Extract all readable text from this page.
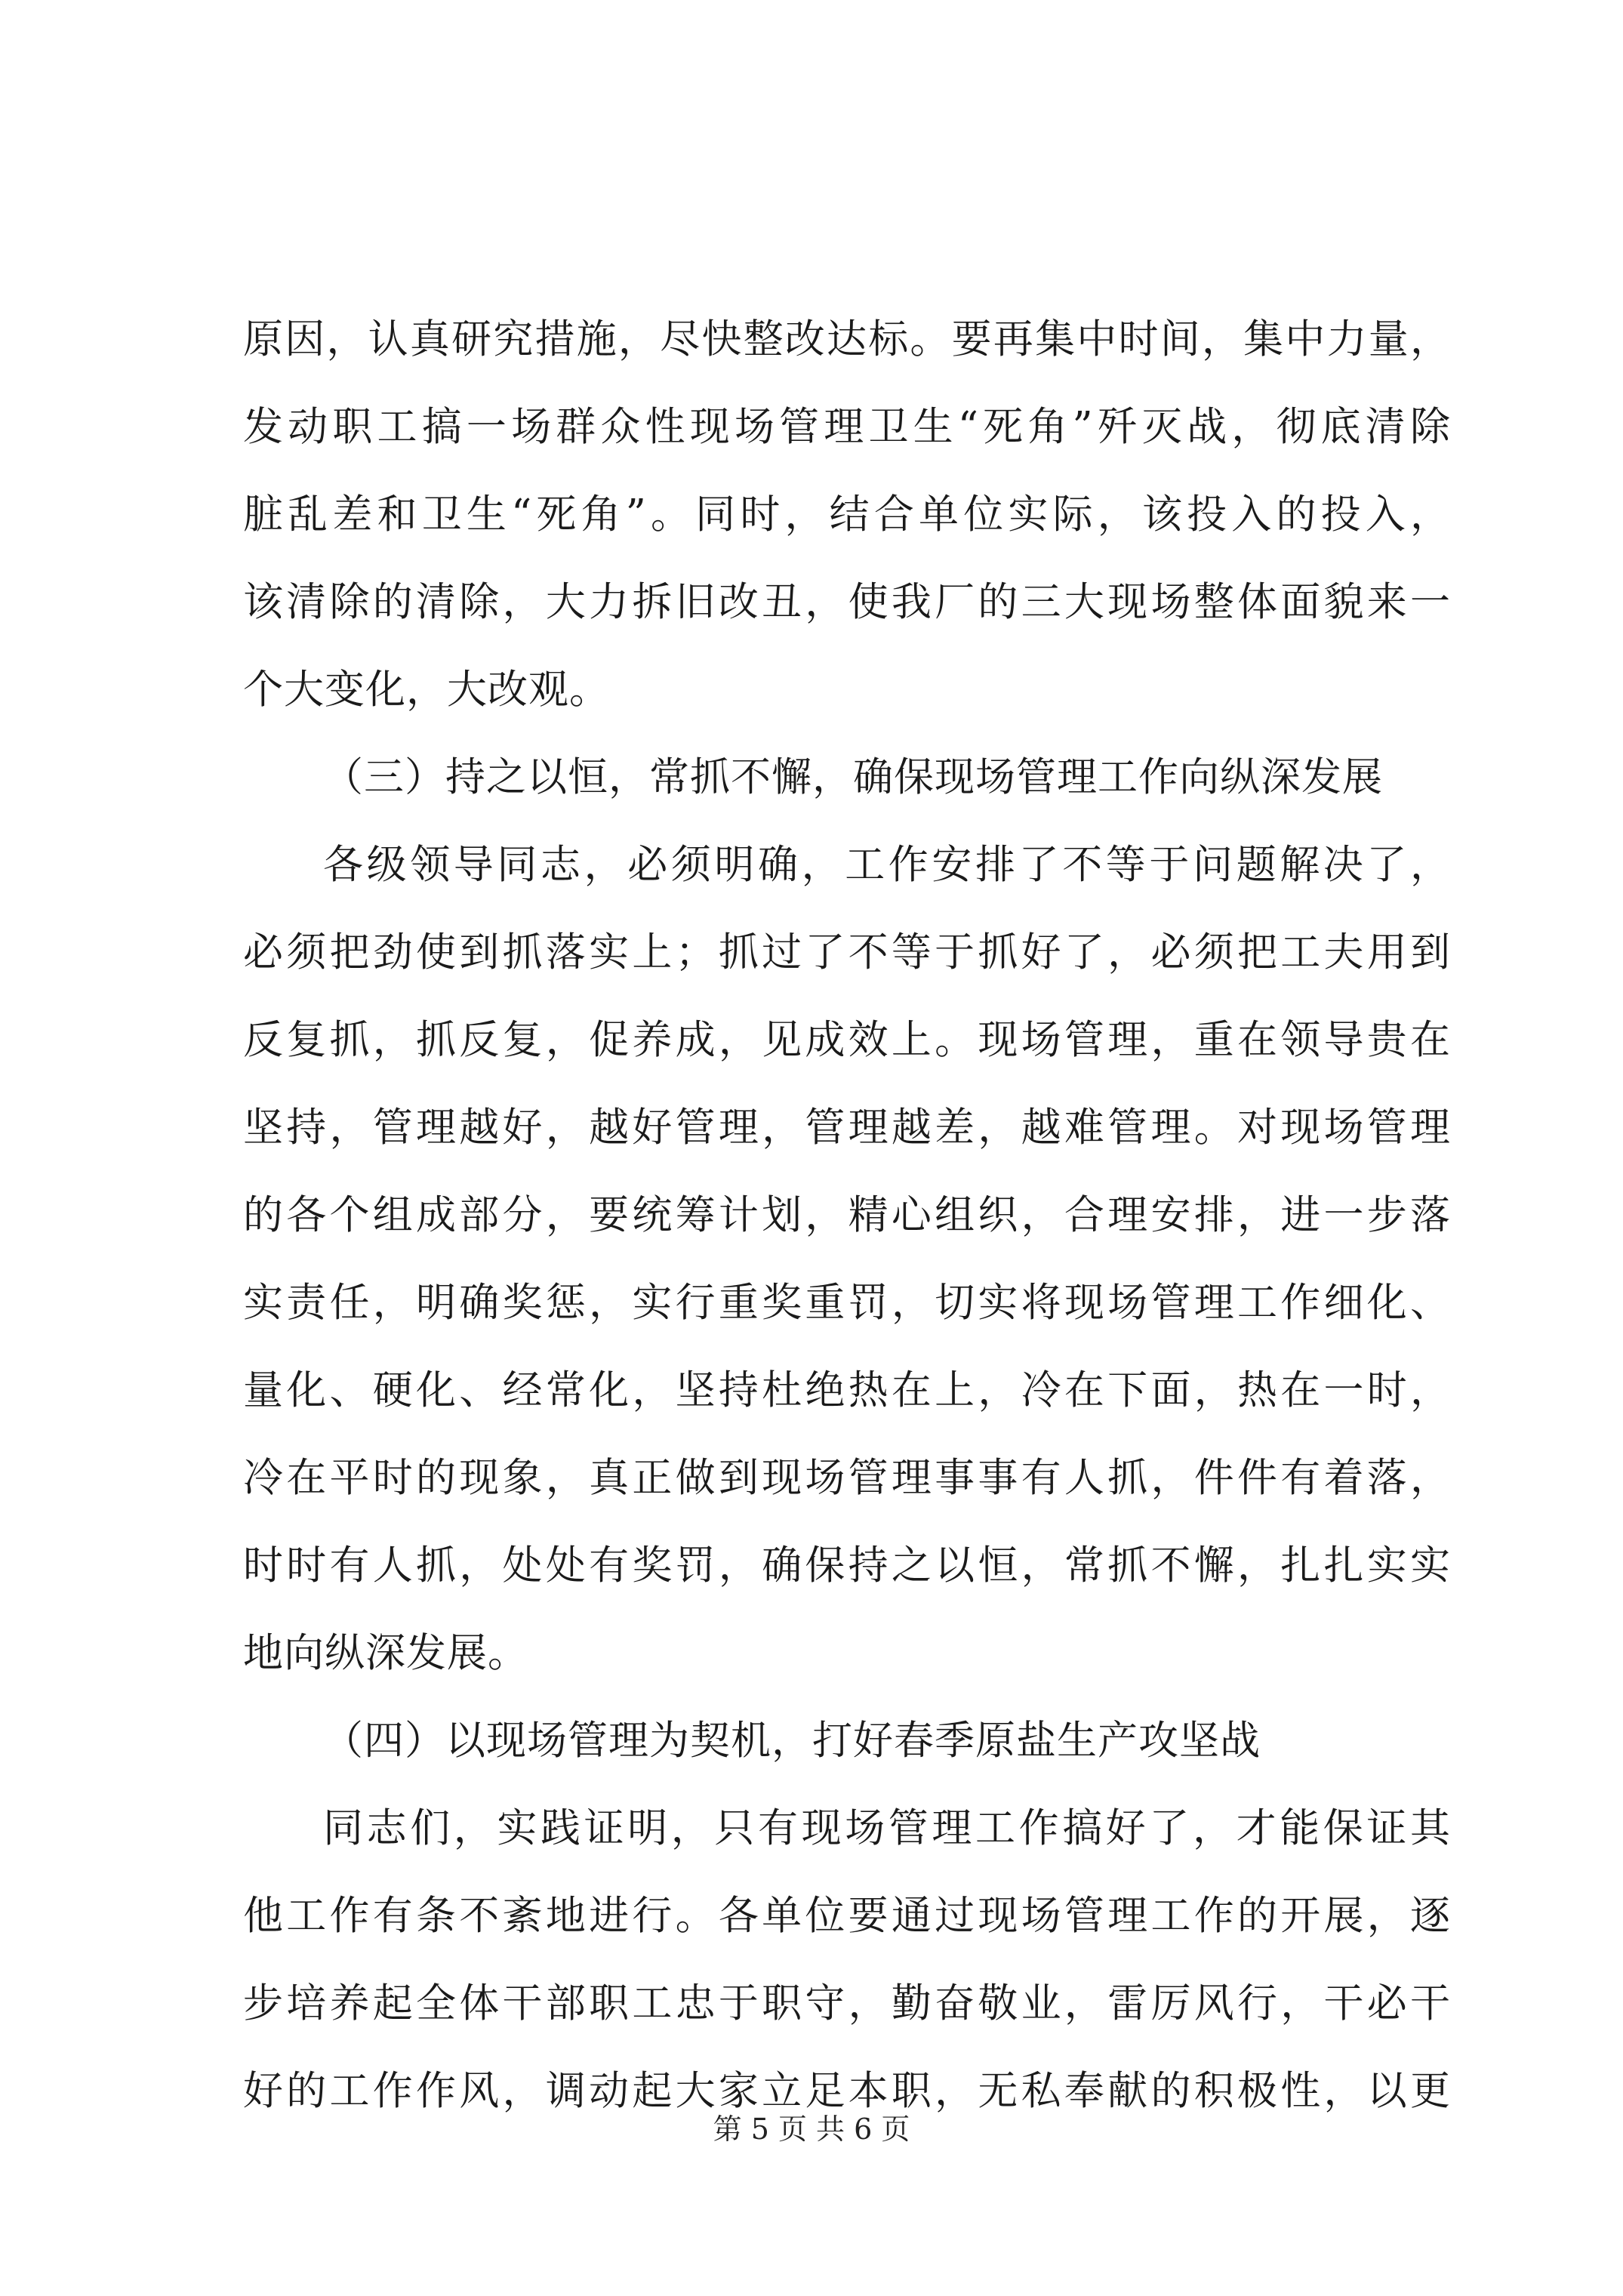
原因，认真研究措施，尽快整改达标。要再集中时间，集中力量，
发动职工搞一场群众性现场管理卫生“死角”歼灭战，彻底清除
脏乱差和卫生“死角”。同时，结合单位实际，该投入的投入，
该清除的清除，大力拆旧改丑，使我厂的三大现场整体面貌来一
个大变化，大改观。
（三）持之以恒，常抓不懈，确保现场管理工作向纵深发展
各级领导同志，必须明确，工作安排了不等于问题解决了，
必须把劲使到抓落实上；抓过了不等于抓好了，必须把工夫用到
反复抓，抓反复，促养成，见成效上。现场管理，重在领导贵在
坚持，管理越好，越好管理，管理越差，越难管理。对现场管理
的各个组成部分，要统筹计划，精心组织，合理安排，进一步落
实责任，明确奖惩，实行重奖重罚，切实将现场管理工作细化、
量化、硬化、经常化，坚持杜绝热在上，冷在下面，热在一时，
冷在平时的现象，真正做到现场管理事事有人抓，件件有着落，
时时有人抓，处处有奖罚，确保持之以恒，常抓不懈，扎扎实实
地向纵深发展。
（四）以现场管理为契机，打好春季原盐生产攻坚战
同志们，实践证明，只有现场管理工作搞好了，才能保证其
他工作有条不紊地进行。各单位要通过现场管理工作的开展，逐
步培养起全体干部职工忠于职守，勤奋敬业，雷厉风行，干必干
好的工作作风，调动起大家立足本职，无私奉献的积极性，以更
第 5 页 共 6 页
